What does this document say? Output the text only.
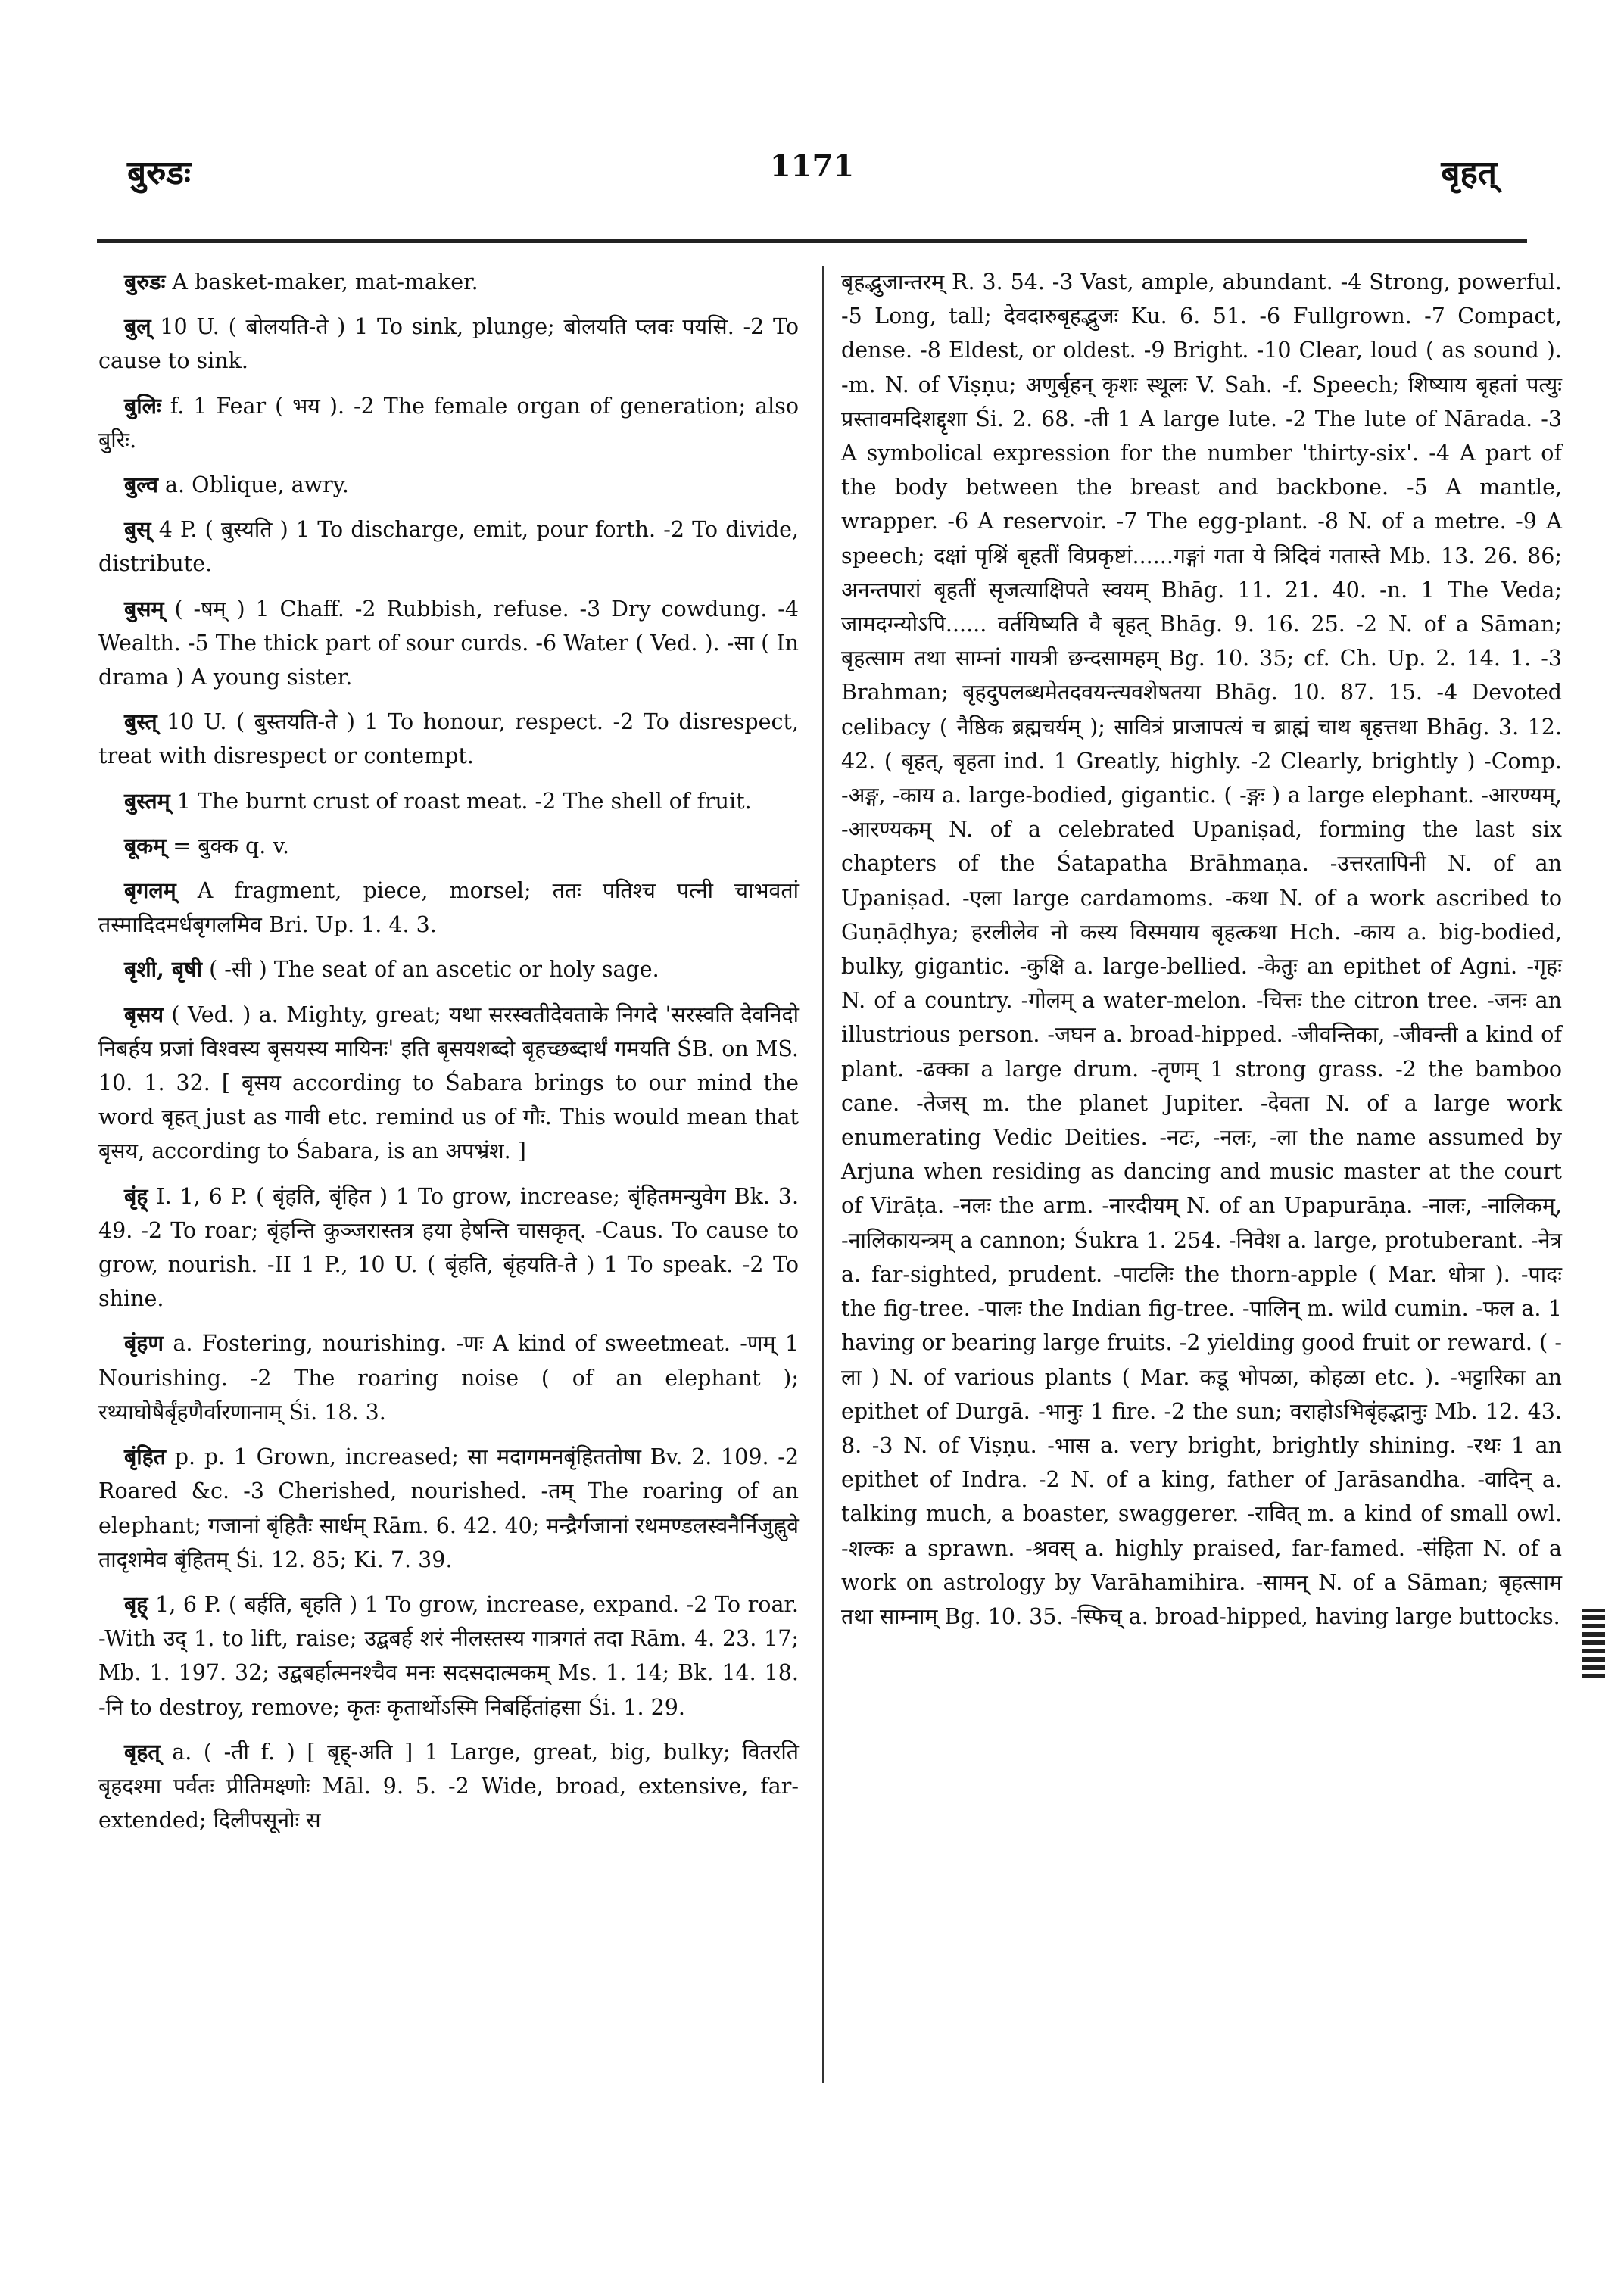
बुरुडः	1171	बृहत्

बुरुडः A basket-maker, mat-maker.

बुल् 10 U. ( बोलयति-ते ) 1 To sink, plunge; बोलयति प्लवः पयसि. -2 To cause to sink.

बुलिः f. 1 Fear ( भय ). -2 The female organ of generation; also बुरिः.

बुल्व a. Oblique, awry.

बुस् 4 P. ( बुस्यति ) 1 To discharge, emit, pour forth. -2 To divide, distribute.

बुसम् ( -षम् ) 1 Chaff. -2 Rubbish, refuse. -3 Dry cowdung. -4 Wealth. -5 The thick part of sour curds. -6 Water ( Ved. ). -सा ( In drama ) A young sister.

बुस्त् 10 U. ( बुस्तयति-ते ) 1 To honour, respect. -2 To disrespect, treat with disrespect or contempt.

बुस्तम् 1 The burnt crust of roast meat. -2 The shell of fruit.

बूकम् = बुक्क q. v.

बृगलम् A fragment, piece, morsel; ततः पतिश्च पत्नी चाभवतां तस्मादिदमर्धबृगलमिव Bri. Up. 1. 4. 3.

बृशी, बृषी ( -सी ) The seat of an ascetic or holy sage.

बृसय ( Ved. ) a. Mighty, great; यथा सरस्वतीदेवताके निगदे 'सरस्वति देवनिदो निबर्हय प्रजां विश्वस्य बृसयस्य मायिनः' इति बृसयशब्दो बृहच्छब्दार्थं गमयति ŚB. on MS. 10. 1. 32. [ बृसय according to Śabara brings to our mind the word बृहत् just as गावी etc. remind us of गौः. This would mean that बृसय, according to Śabara, is an अपभ्रंश. ]

बृंह् I. 1, 6 P. ( बृंहति, बृंहित ) 1 To grow, increase; बृंहितमन्युवेग Bk. 3. 49. -2 To roar; बृंहन्ति कुञ्जरास्तत्र हया हेषन्ति चासकृत्. -Caus. To cause to grow, nourish. -II 1 P., 10 U. ( बृंहति, बृंहयति-ते ) 1 To speak. -2 To shine.

बृंहण a. Fostering, nourishing. -णः A kind of sweetmeat. -णम् 1 Nourishing. -2 The roaring noise ( of an elephant ); रथ्याघोषैर्बृंहणैर्वारणानाम् Śi. 18. 3.

बृंहित p. p. 1 Grown, increased; सा मदागमनबृंहिततोषा Bv. 2. 109. -2 Roared &c. -3 Cherished, nourished. -तम् The roaring of an elephant; गजानां बृंहितैः सार्धम् Rām. 6. 42. 40; मन्द्रैर्गजानां रथमण्डलस्वनैर्निजुह्नुवे तादृशमेव बृंहितम् Śi. 12. 85; Ki. 7. 39.

बृह् 1, 6 P. ( बर्हति, बृहति ) 1 To grow, increase, expand. -2 To roar. -With उद् 1. to lift, raise; उद्बबर्ह शरं नीलस्तस्य गात्रगतं तदा Rām. 4. 23. 17; Mb. 1. 197. 32; उद्बबर्हात्मनश्चैव मनः सदसदात्मकम् Ms. 1. 14; Bk. 14. 18. -नि to destroy, remove; कृतः कृतार्थोऽस्मि निबर्हितांहसा Śi. 1. 29.

बृहत् a. ( -ती f. ) [ बृह्-अति ] 1 Large, great, big, bulky; वितरति बृहदश्मा पर्वतः प्रीतिमक्ष्णोः Māl. 9. 5. -2 Wide, broad, extensive, far-extended; दिलीपसूनोः स

बृहद्भुजान्तरम् R. 3. 54. -3 Vast, ample, abundant. -4 Strong, powerful. -5 Long, tall; देवदारुबृहद्भुजः Ku. 6. 51. -6 Fullgrown. -7 Compact, dense. -8 Eldest, or oldest. -9 Bright. -10 Clear, loud ( as sound ). -m. N. of Viṣṇu; अणुर्बृहन् कृशः स्थूलः V. Sah. -f. Speech; शिष्याय बृहतां पत्युः प्रस्तावमदिशद्दृशा Śi. 2. 68. -ती 1 A large lute. -2 The lute of Nārada. -3 A symbolical expression for the number 'thirty-six'. -4 A part of the body between the breast and backbone. -5 A mantle, wrapper. -6 A reservoir. -7 The egg-plant. -8 N. of a metre. -9 A speech; दक्षां पृश्निं बृहतीं विप्रकृष्टां......गङ्गां गता ये त्रिदिवं गतास्ते Mb. 13. 26. 86; अनन्तपारां बृहतीं सृजत्याक्षिपते स्वयम् Bhāg. 11. 21. 40. -n. 1 The Veda; जामदग्न्योऽपि...... वर्तयिष्यति वै बृहत् Bhāg. 9. 16. 25. -2 N. of a Sāman; बृहत्साम तथा साम्नां गायत्री छन्दसामहम् Bg. 10. 35; cf. Ch. Up. 2. 14. 1. -3 Brahman; बृहदुपलब्धमेतदवयन्त्यवशेषतया Bhāg. 10. 87. 15. -4 Devoted celibacy ( नैष्ठिक ब्रह्मचर्यम् ); सावित्रं प्राजापत्यं च ब्राह्मं चाथ बृहत्तथा Bhāg. 3. 12. 42. ( बृहत्, बृहता ind. 1 Greatly, highly. -2 Clearly, brightly ) -Comp. -अङ्ग, -काय a. large-bodied, gigantic. ( -ङ्गः ) a large elephant. -आरण्यम्, -आरण्यकम् N. of a celebrated Upaniṣad, forming the last six chapters of the Śatapatha Brāhmaṇa. -उत्तरतापिनी N. of an Upaniṣad. -एला large cardamoms. -कथा N. of a work ascribed to Guṇāḍhya; हरलीलेव नो कस्य विस्मयाय बृहत्कथा Hch. -काय a. big-bodied, bulky, gigantic. -कुक्षि a. large-bellied. -केतुः an epithet of Agni. -गृहः N. of a country. -गोलम् a water-melon. -चित्तः the citron tree. -जनः an illustrious person. -जघन a. broad-hipped. -जीवन्तिका, -जीवन्ती a kind of plant. -ढक्का a large drum. -तृणम् 1 strong grass. -2 the bamboo cane. -तेजस् m. the planet Jupiter. -देवता N. of a large work enumerating Vedic Deities. -नटः, -नलः, -ला the name assumed by Arjuna when residing as dancing and music master at the court of Virāṭa. -नलः the arm. -नारदीयम् N. of an Upapurāṇa. -नालः, -नालिकम्, -नालिकायन्त्रम् a cannon; Śukra 1. 254. -निवेश a. large, protuberant. -नेत्र a. far-sighted, prudent. -पाटलिः the thorn-apple ( Mar. धोत्रा ). -पादः the fig-tree. -पालः the Indian fig-tree. -पालिन् m. wild cumin. -फल a. 1 having or bearing large fruits. -2 yielding good fruit or reward. ( -ला ) N. of various plants ( Mar. कडू भोपळा, कोहळा etc. ). -भट्टारिका an epithet of Durgā. -भानुः 1 fire. -2 the sun; वराहोऽभिबृंहद्भानुः Mb. 12. 43. 8. -3 N. of Viṣṇu. -भास a. very bright, brightly shining. -रथः 1 an epithet of Indra. -2 N. of a king, father of Jarāsandha. -वादिन् a. talking much, a boaster, swaggerer. -रावित् m. a kind of small owl. -शल्कः a sprawn. -श्रवस् a. highly praised, far-famed. -संहिता N. of a work on astrology by Varāhamihira. -सामन् N. of a Sāman; बृहत्साम तथा साम्नाम् Bg. 10. 35. -स्फिच् a. broad-hipped, having large buttocks.
